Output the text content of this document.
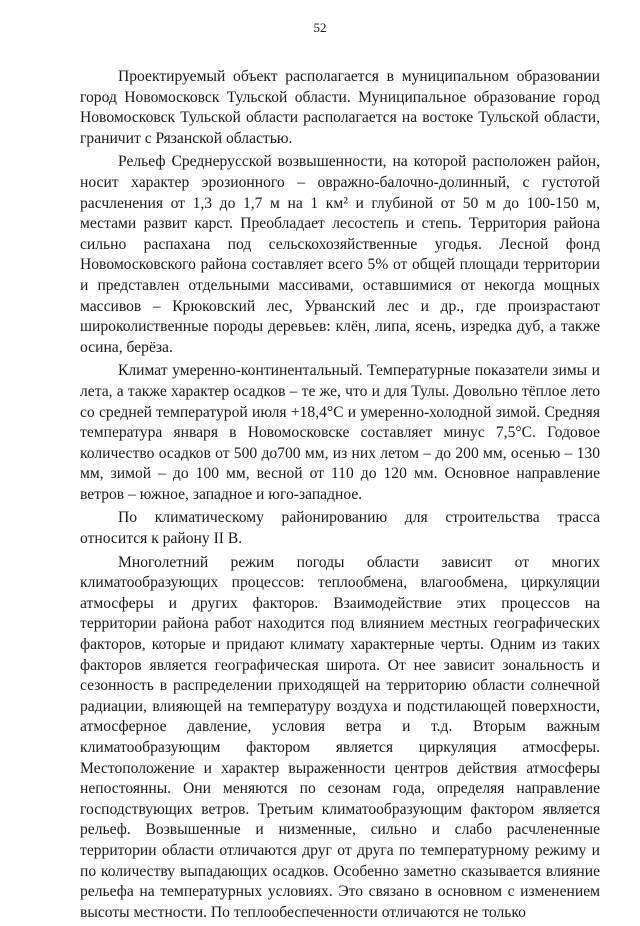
52

Проектируемый объект располагается в муниципальном образовании город Новомосковск Тульской области. Муниципальное образование город Новомосковск Тульской области располагается на востоке Тульской области, граничит с Рязанской областью.

Рельеф Среднерусской возвышенности, на которой расположен район, носит характер эрозионного – овражно-балочно-долинный, с густотой расчленения от 1,3 до 1,7 м на 1 км² и глубиной от 50 м до 100-150 м, местами развит карст. Преобладает лесостепь и степь. Территория района сильно распахана под сельскохозяйственные угодья. Лесной фонд Новомосковского района составляет всего 5% от общей площади территории и представлен отдельными массивами, оставшимися от некогда мощных массивов – Крюковский лес, Урванский лес и др., где произрастают широколиственные породы деревьев: клён, липа, ясень, изредка дуб, а также осина, берёза.

Климат умеренно-континентальный. Температурные показатели зимы и лета, а также характер осадков – те же, что и для Тулы. Довольно тёплое лето со средней температурой июля +18,4°С и умеренно-холодной зимой. Средняя температура января в Новомосковске составляет минус 7,5°С. Годовое количество осадков от 500 до700 мм, из них летом – до 200 мм, осенью – 130 мм, зимой – до 100 мм, весной от 110 до 120 мм. Основное направление ветров – южное, западное и юго-западное.

По климатическому районированию для строительства трасса относится к району II В.

Многолетний режим погоды области зависит от многих климатообразующих процессов: теплообмена, влагообмена, циркуляции атмосферы и других факторов. Взаимодействие этих процессов на территории района работ находится под влиянием местных географических факторов, которые и придают климату характерные черты. Одним из таких факторов является географическая широта. От нее зависит зональность и сезонность в распределении приходящей на территорию области солнечной радиации, влияющей на температуру воздуха и подстилающей поверхности, атмосферное давление, условия ветра и т.д. Вторым важным климатообразующим фактором является циркуляция атмосферы. Местоположение и характер выраженности центров действия атмосферы непостоянны. Они меняются по сезонам года, определяя направление господствующих ветров. Третьим климатообразующим фактором является рельеф. Возвышенные и низменные, сильно и слабо расчлененные территории области отличаются друг от друга по температурному режиму и по количеству выпадающих осадков. Особенно заметно сказывается влияние рельефа на температурных условиях. Это связано в основном с изменением высоты местности. По теплообеспеченности отличаются не только
